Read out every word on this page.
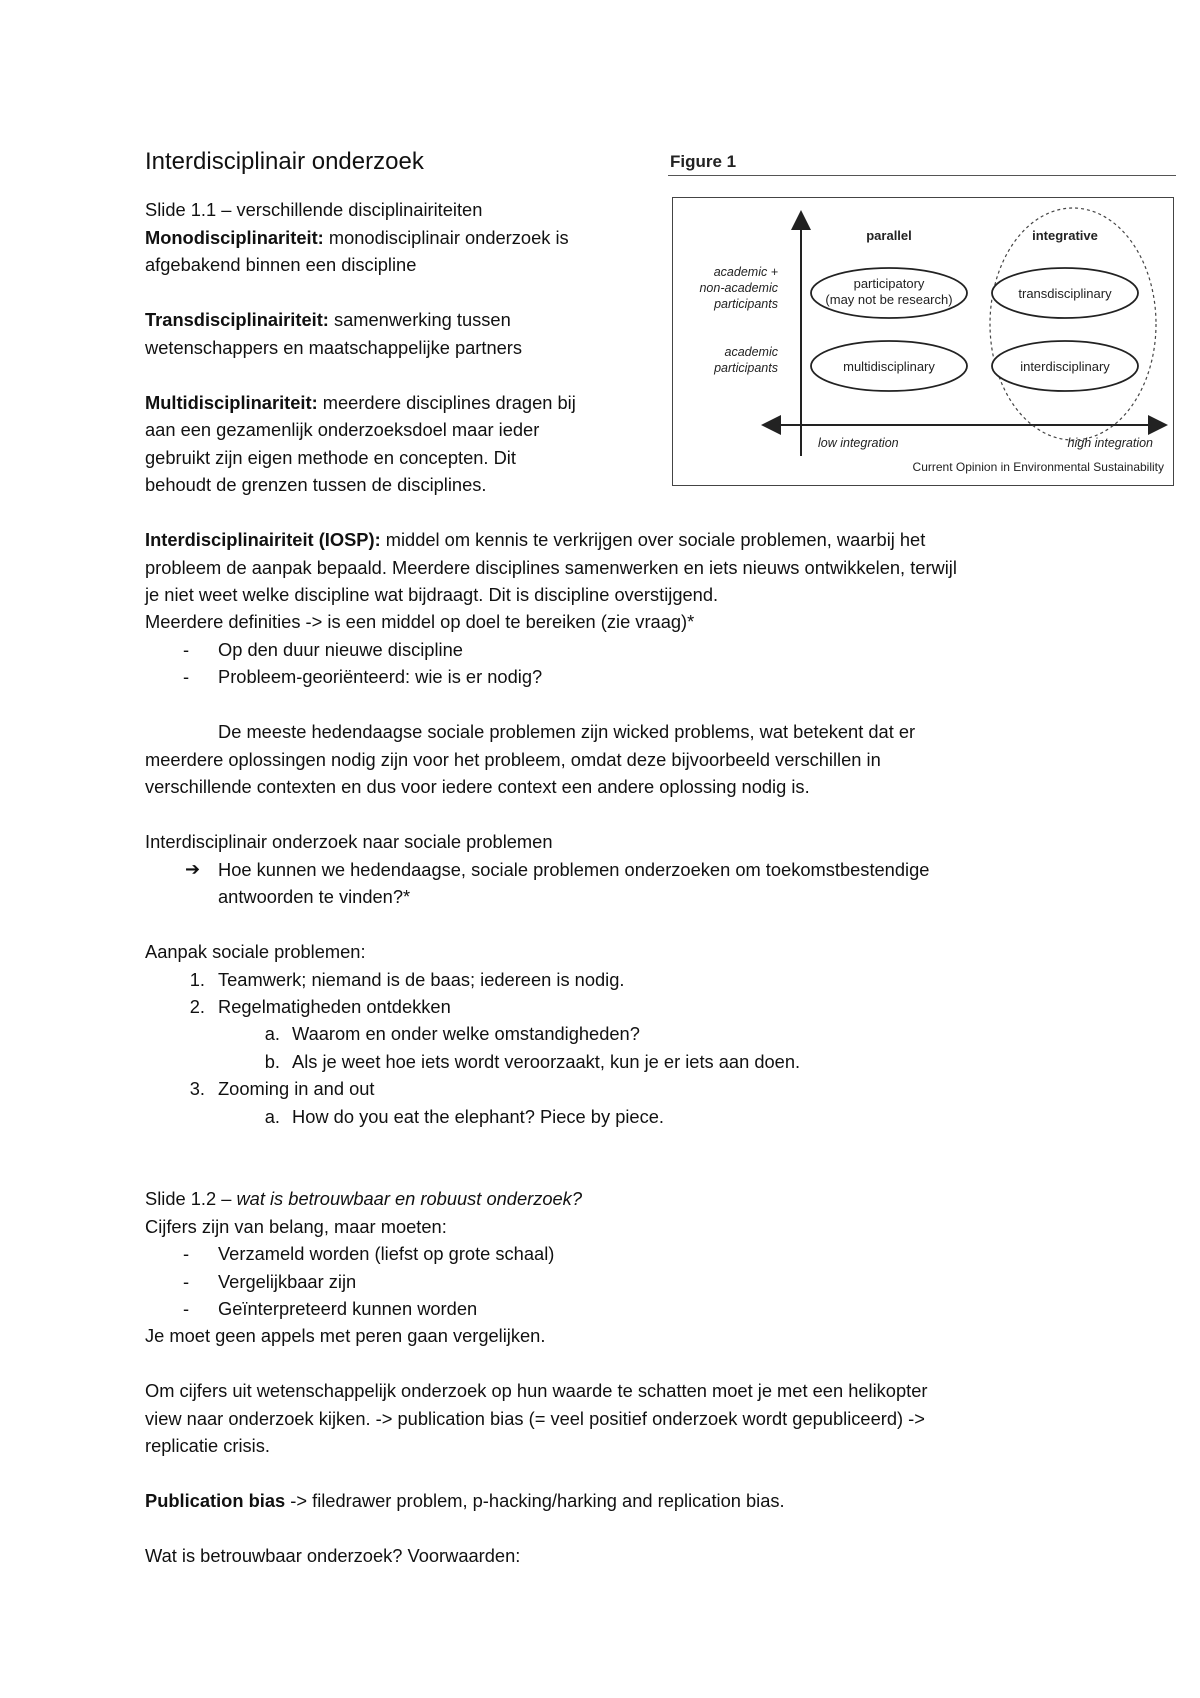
Interdisciplinair onderzoek
Slide 1.1 – verschillende disciplinairiteiten
Monodisciplinariteit: monodisciplinair onderzoek is
afgebakend binnen een discipline
Transdisciplinairiteit: samenwerking tussen
wetenschappers en maatschappelijke partners
Multidisciplinariteit: meerdere disciplines dragen bij
aan een gezamenlijk onderzoeksdoel maar ieder
gebruikt zijn eigen methode en concepten. Dit
behoudt de grenzen tussen de disciplines.
Interdisciplinairiteit (IOSP): middel om kennis te verkrijgen over sociale problemen, waarbij het
probleem de aanpak bepaald. Meerdere disciplines samenwerken en iets nieuws ontwikkelen, terwijl
je niet weet welke discipline wat bijdraagt. Dit is discipline overstijgend.
Meerdere definities -> is een middel op doel te bereiken (zie vraag)*
- Op den duur nieuwe discipline
- Probleem-georiënteerd: wie is er nodig?
De meeste hedendaagse sociale problemen zijn wicked problems, wat betekent dat er
meerdere oplossingen nodig zijn voor het probleem, omdat deze bijvoorbeeld verschillen in
verschillende contexten en dus voor iedere context een andere oplossing nodig is.
Interdisciplinair onderzoek naar sociale problemen
➔ Hoe kunnen we hedendaagse, sociale problemen onderzoeken om toekomstbestendige
antwoorden te vinden?*
Aanpak sociale problemen:
1. Teamwerk; niemand is de baas; iedereen is nodig.
2. Regelmatigheden ontdekken
a. Waarom en onder welke omstandigheden?
b. Als je weet hoe iets wordt veroorzaakt, kun je er iets aan doen.
3. Zooming in and out
a. How do you eat the elephant? Piece by piece.
Slide 1.2 – wat is betrouwbaar en robuust onderzoek?
Cijfers zijn van belang, maar moeten:
- Verzameld worden (liefst op grote schaal)
- Vergelijkbaar zijn
- Geïnterpreteerd kunnen worden
Je moet geen appels met peren gaan vergelijken.
Om cijfers uit wetenschappelijk onderzoek op hun waarde te schatten moet je met een helikopter
view naar onderzoek kijken. -> publication bias (= veel positief onderzoek wordt gepubliceerd) ->
replicatie crisis.
Publication bias -> filedrawer problem, p-hacking/harking and replication bias.
Wat is betrouwbaar onderzoek? Voorwaarden:
Figure 1
parallel	integrative
academic +
non-academic
participants
academic
participants
participatory
(may not be research)	transdisciplinary
multidisciplinary	interdisciplinary
low integration	high integration
Current Opinion in Environmental Sustainability
